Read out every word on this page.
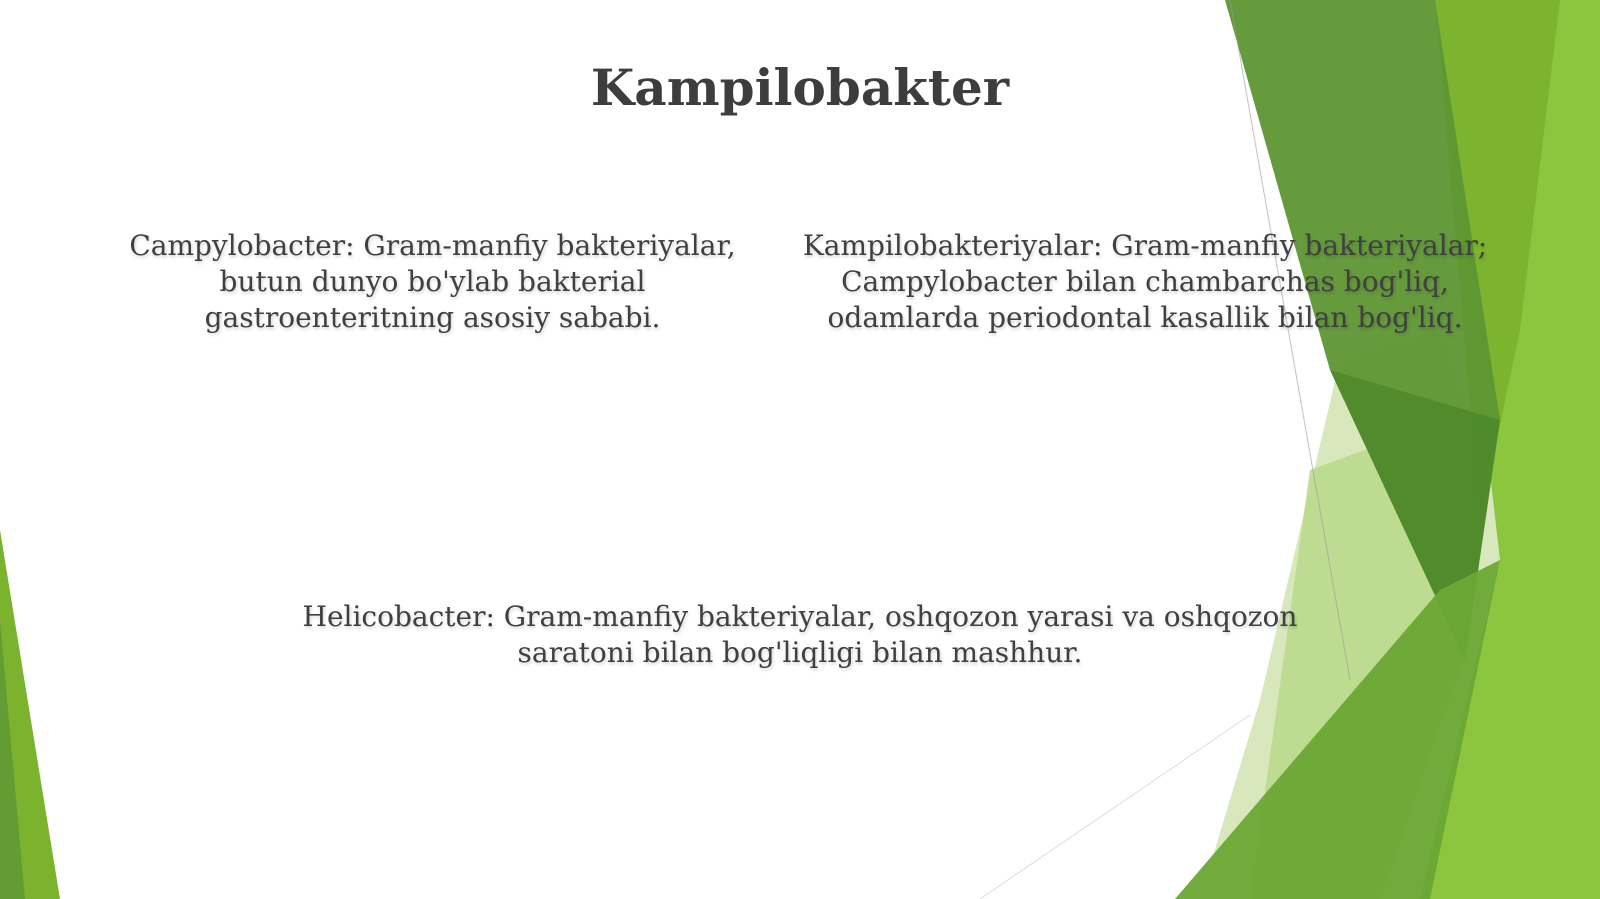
Kampilobakter

Campylobacter: Gram-manfiy bakteriyalar, butun dunyo bo'ylab bakterial gastroenteritning asosiy sababi.

Kampilobakteriyalar: Gram-manfiy bakteriyalar; Campylobacter bilan chambarchas bog'liq, odamlarda periodontal kasallik bilan bog'liq.

Helicobacter: Gram-manfiy bakteriyalar, oshqozon yarasi va oshqozon saratoni bilan bog'liqligi bilan mashhur.
